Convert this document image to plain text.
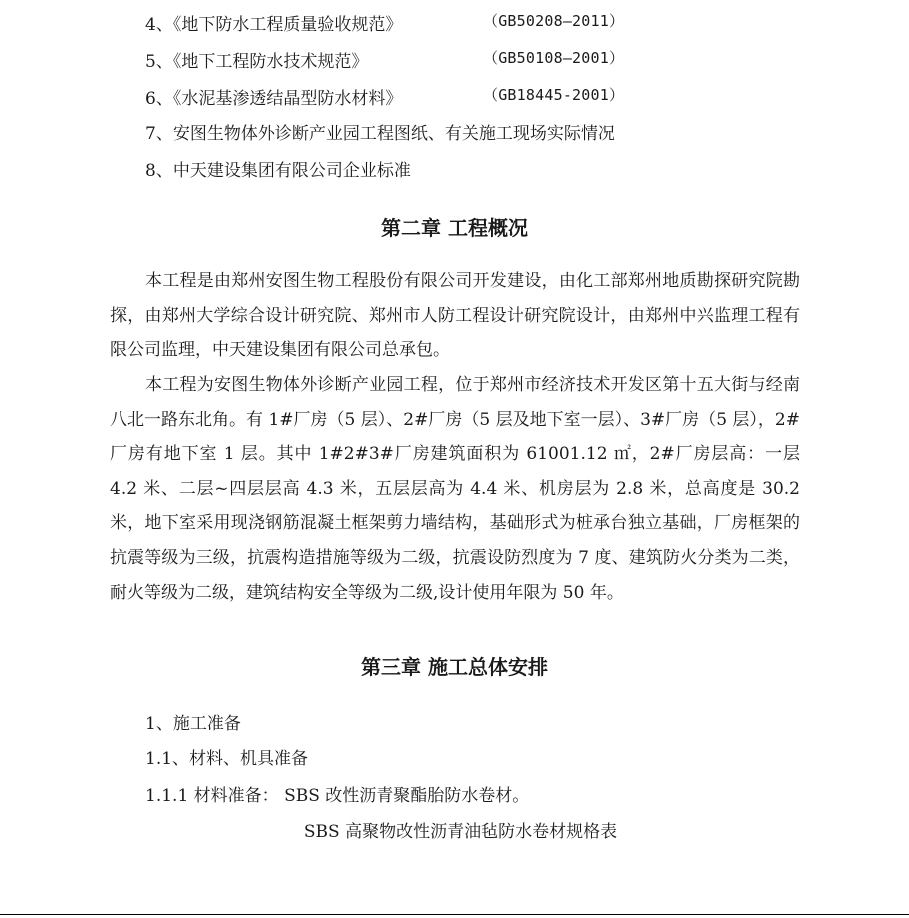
4、《地下防水工程质量验收规范》	（GB50208—2011）
5、《地下工程防水技术规范》	（GB50108—2001）
6、《水泥基渗透结晶型防水材料》	（GB18445-2001）
7、安图生物体外诊断产业园工程图纸、有关施工现场实际情况
8、中天建设集团有限公司企业标准
第二章 工程概况

本工程是由郑州安图生物工程股份有限公司开发建设，由化工部郑州地质勘探研究院勘探，由郑州大学综合设计研究院、郑州市人防工程设计研究院设计，由郑州中兴监理工程有限公司监理，中天建设集团有限公司总承包。

本工程为安图生物体外诊断产业园工程，位于郑州市经济技术开发区第十五大街与经南八北一路东北角。有 1#厂房（5 层）、2#厂房（5 层及地下室一层）、3#厂房（5 层），2#厂房有地下室 1 层。其中 1#2#3#厂房建筑面积为 61001.12 ㎡，2#厂房层高：一层 4.2 米、二层~四层层高 4.3 米，五层层高为 4.4 米、机房层为 2.8 米，总高度是 30.2 米，地下室采用现浇钢筋混凝土框架剪力墙结构，基础形式为桩承台独立基础，厂房框架的抗震等级为三级，抗震构造措施等级为二级，抗震设防烈度为 7 度、建筑防火分类为二类，耐火等级为二级，建筑结构安全等级为二级,设计使用年限为 50 年。

第三章 施工总体安排
1、施工准备
1.1、材料、机具准备
1.1.1 材料准备： SBS 改性沥青聚酯胎防水卷材。
SBS 高聚物改性沥青油毡防水卷材规格表
